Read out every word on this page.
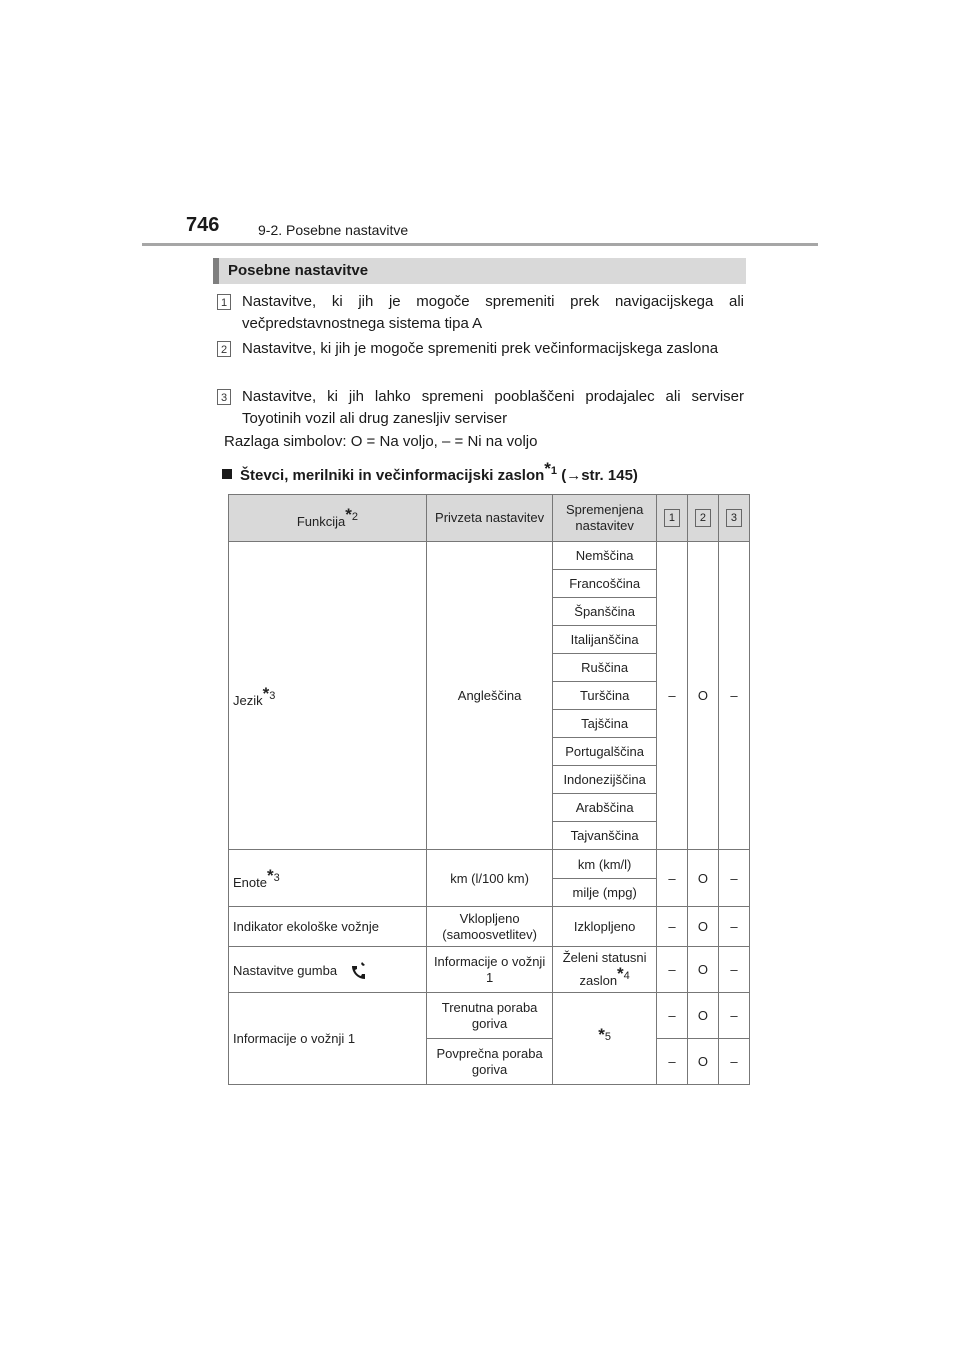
746	9-2. Posebne nastavitve
Posebne nastavitve
1 Nastavitve, ki jih je mogoče spremeniti prek navigacijskega ali večpredstavnostnega sistema tipa A
2 Nastavitve, ki jih je mogoče spremeniti prek večinformacijskega zaslona
3 Nastavitve, ki jih lahko spremeni pooblaščeni prodajalec ali serviser Toyotinih vozil ali drug zanesljiv serviser
Razlaga simbolov: O = Na voljo, – = Ni na voljo
Števci, merilniki in večinformacijski zaslon*$^1$ (→str. 145)
Funkcija*$^2$	Privzeta nastavitev	Spremenjena nastavitev	1	2	3
Jezik*$^3$	Angleščina	Nemščina	–	O	–
		Francoščina			
		Španščina			
		Italijanščina			
		Ruščina			
		Turščina			
		Tajščina			
		Portugalščina			
		Indonezijščina			
		Arabščina			
		Tajvanščina			
Enote*$^3$	km (l/100 km)	km (km/l)	–	O	–
		milje (mpg)			
Indikator ekološke vožnje	Vklopljeno (samoosvetlitev)	Izklopljeno	–	O	–
Nastavitve gumba	Informacije o vožnji 1	Želeni statusni zaslon*$^4$	–	O	–
Informacije o vožnji 1	Trenutna poraba goriva	*$^5$	–	O	–
	Povprečna poraba goriva		–	O	–
